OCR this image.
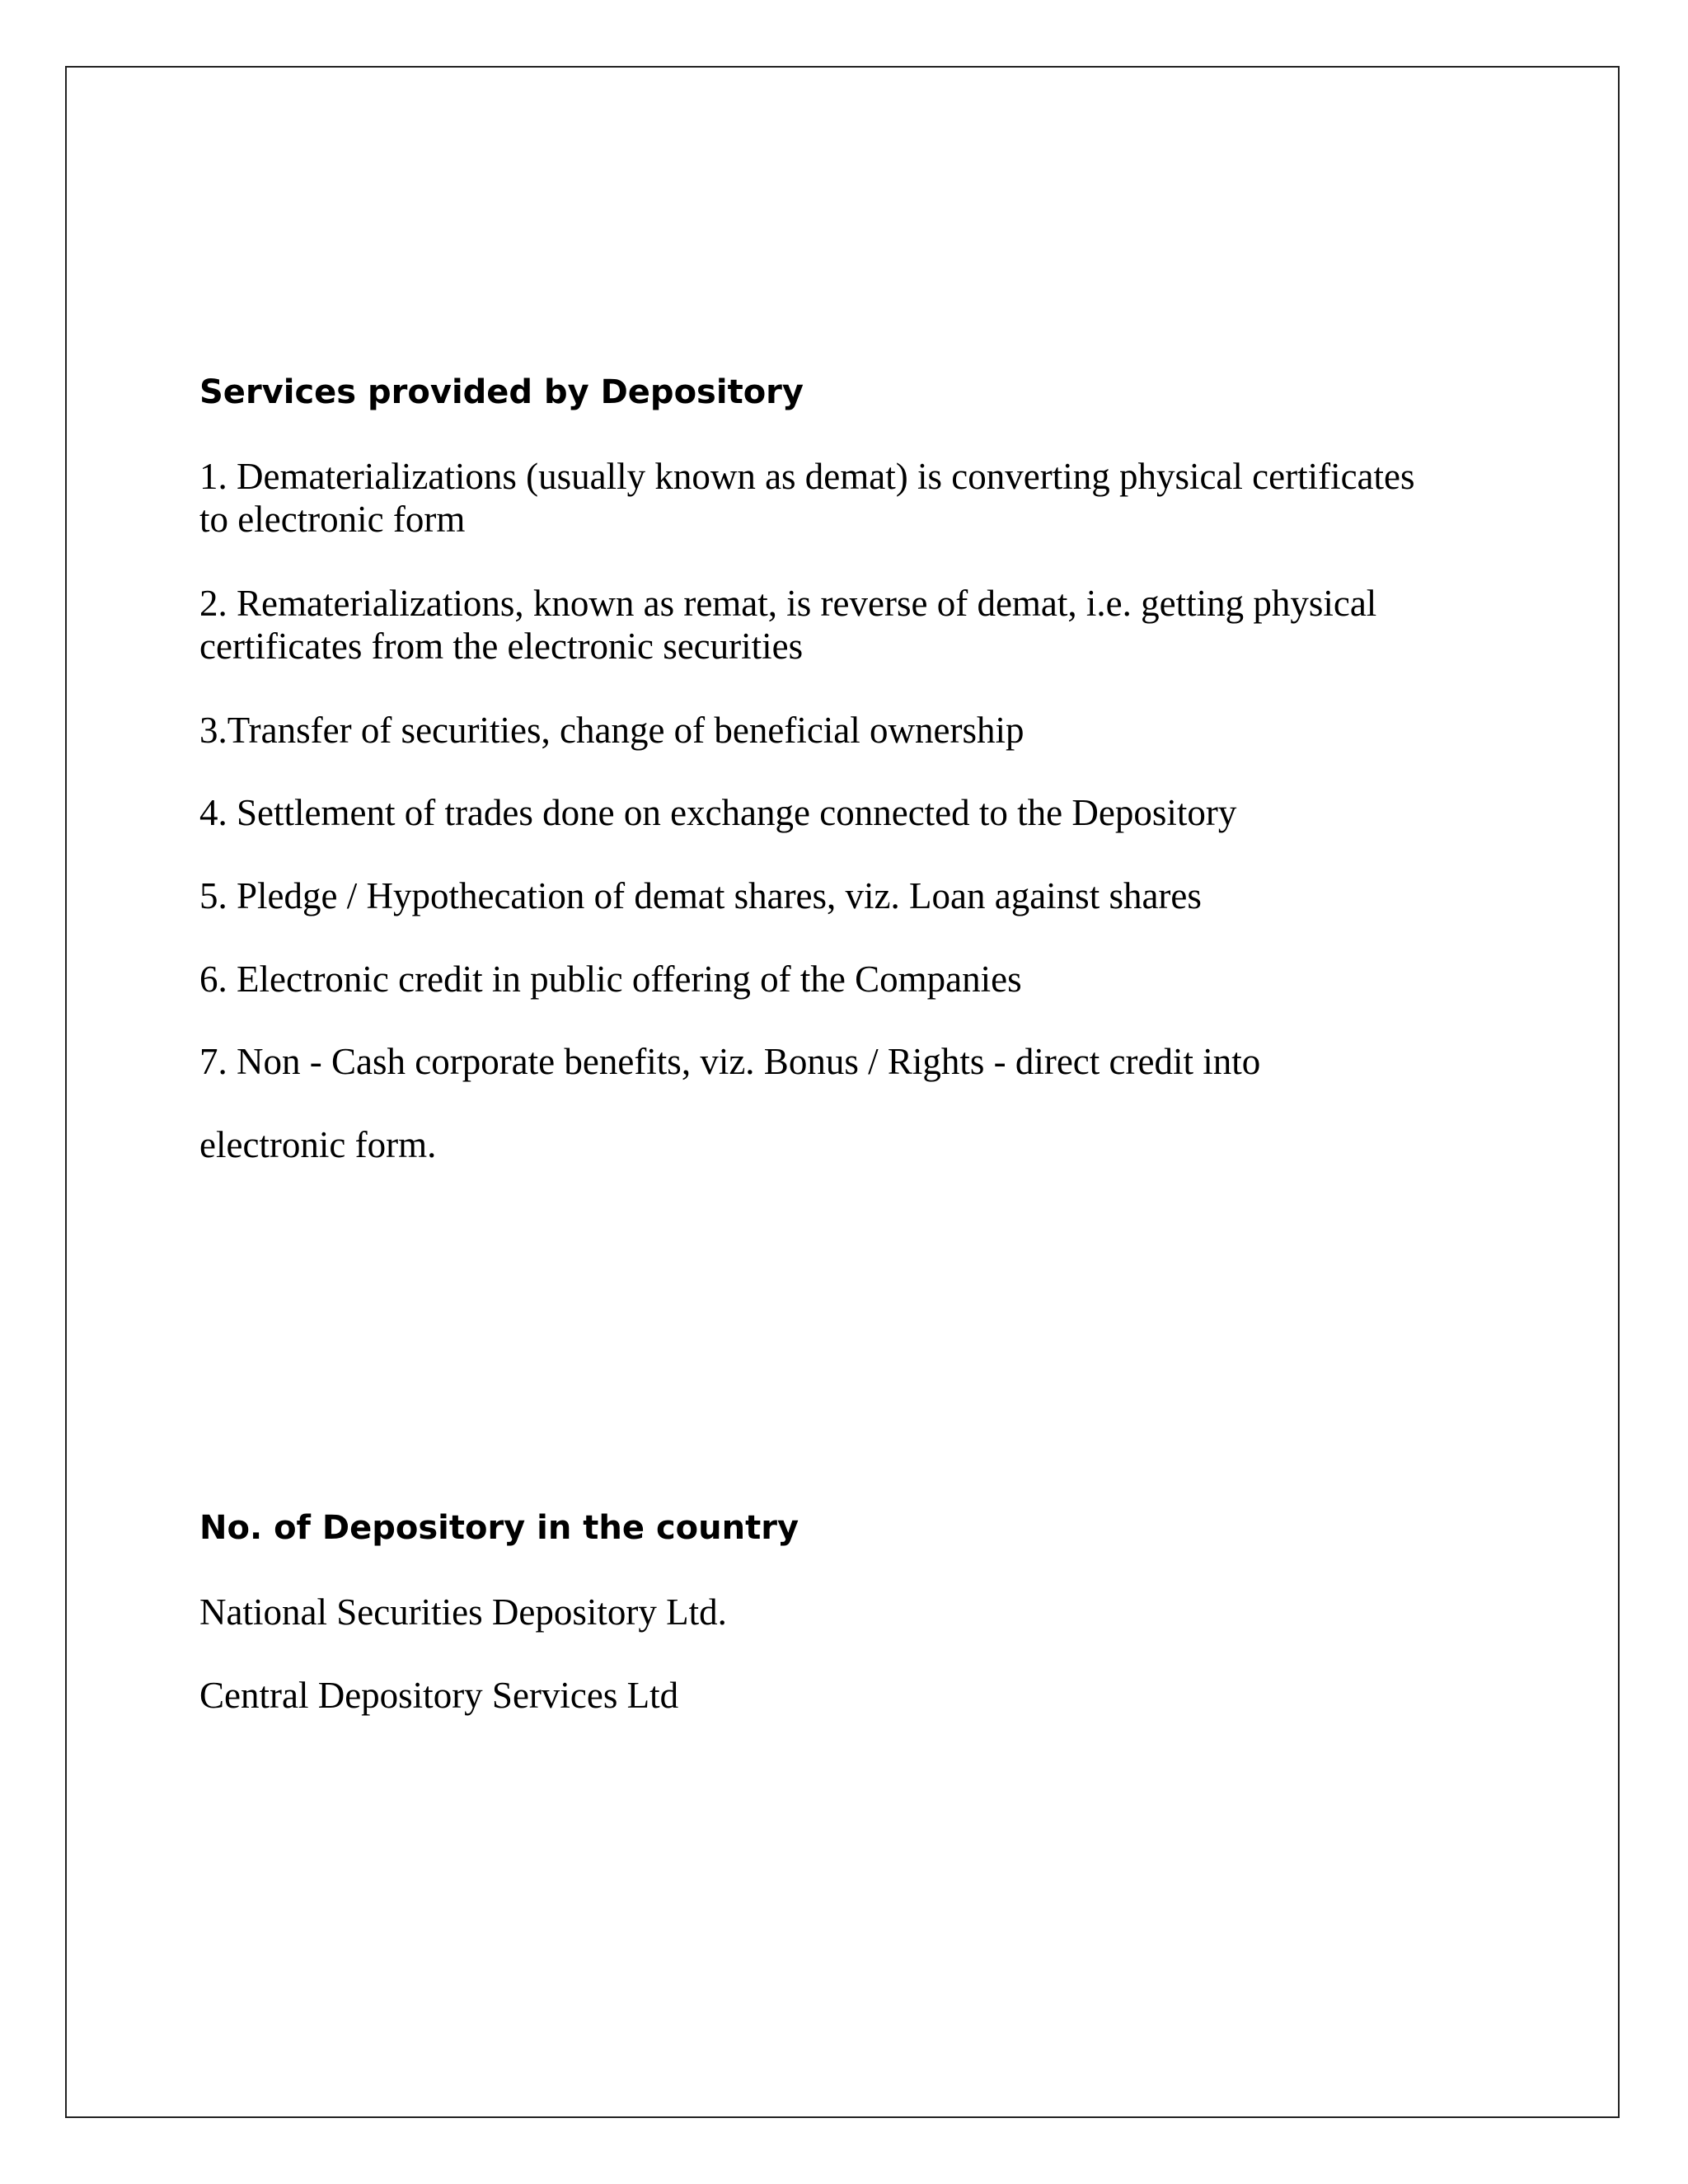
Services provided by Depository

1. Dematerializations (usually known as demat) is converting physical certificates

to electronic form

2. Rematerializations, known as remat, is reverse of demat, i.e. getting physical

certificates from the electronic securities

3.Transfer of securities, change of beneficial ownership

4. Settlement of trades done on exchange connected to the Depository

5. Pledge / Hypothecation of demat shares, viz. Loan against shares

6. Electronic credit in public offering of the Companies

7. Non - Cash corporate benefits, viz. Bonus / Rights - direct credit into

electronic form.

No. of Depository in the country

National Securities Depository Ltd.

Central Depository Services Ltd
